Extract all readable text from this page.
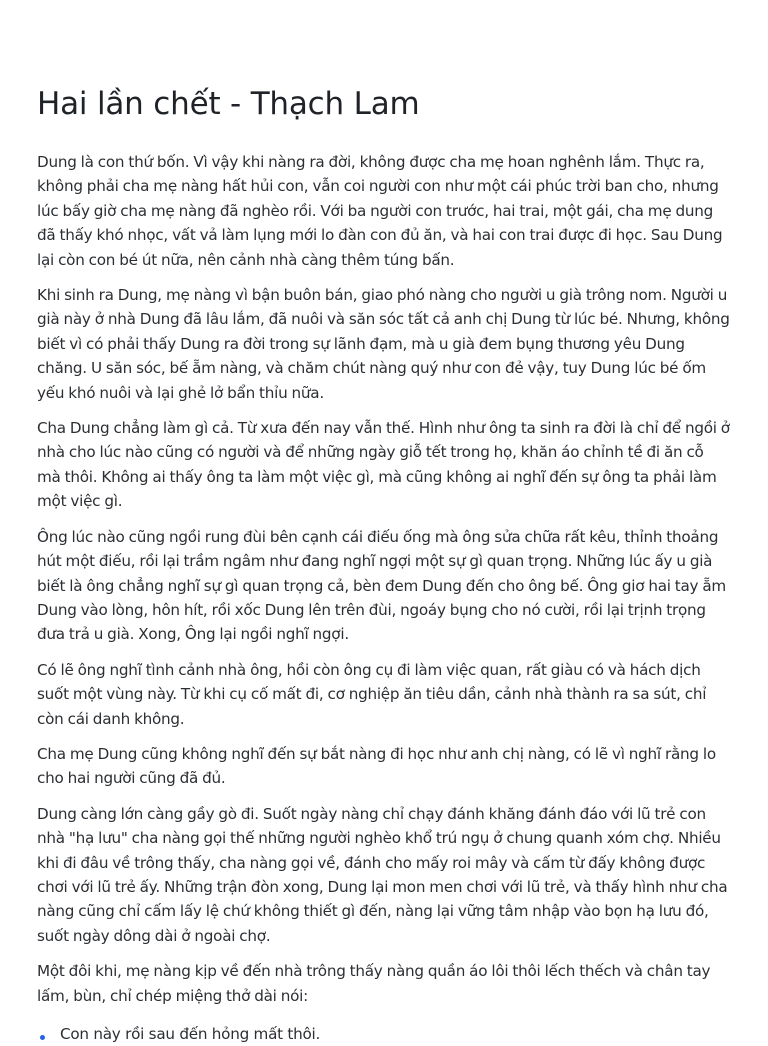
Hai lần chết - Thạch Lam

Dung là con thứ bốn. Vì vậy khi nàng ra đời, không được cha mẹ hoan nghênh lắm. Thực ra, không phải cha mẹ nàng hất hủi con, vẫn coi người con như một cái phúc trời ban cho, nhưng lúc bấy giờ cha mẹ nàng đã nghèo rồi. Với ba người con trước, hai trai, một gái, cha mẹ dung đã thấy khó nhọc, vất vả làm lụng mới lo đàn con đủ ăn, và hai con trai được đi học. Sau Dung lại còn con bé út nữa, nên cảnh nhà càng thêm túng bấn.

Khi sinh ra Dung, mẹ nàng vì bận buôn bán, giao phó nàng cho người u già trông nom. Người u già này ở nhà Dung đã lâu lắm, đã nuôi và săn sóc tất cả anh chị Dung từ lúc bé. Nhưng, không biết vì có phải thấy Dung ra đời trong sự lãnh đạm, mà u già đem bụng thương yêu Dung chăng. U săn sóc, bế ẵm nàng, và chăm chút nàng quý như con đẻ vậy, tuy Dung lúc bé ốm yếu khó nuôi và lại ghẻ lở bẩn thỉu nữa.

Cha Dung chẳng làm gì cả. Từ xưa đến nay vẫn thế. Hình như ông ta sinh ra đời là chỉ để ngồi ở nhà cho lúc nào cũng có người và để những ngày giỗ tết trong họ, khăn áo chỉnh tề đi ăn cỗ mà thôi. Không ai thấy ông ta làm một việc gì, mà cũng không ai nghĩ đến sự ông ta phải làm một việc gì.

Ông lúc nào cũng ngồi rung đùi bên cạnh cái điếu ống mà ông sửa chữa rất kêu, thỉnh thoảng hút một điếu, rồi lại trầm ngâm như đang nghĩ ngợi một sự gì quan trọng. Những lúc ấy u già biết là ông chẳng nghĩ sự gì quan trọng cả, bèn đem Dung đến cho ông bế. Ông giơ hai tay ẵm Dung vào lòng, hôn hít, rồi xốc Dung lên trên đùi, ngoáy bụng cho nó cười, rồi lại trịnh trọng đưa trả u già. Xong, Ông lại ngồi nghĩ ngợi.

Có lẽ ông nghĩ tình cảnh nhà ông, hồi còn ông cụ đi làm việc quan, rất giàu có và hách dịch suốt một vùng này. Từ khi cụ cố mất đi, cơ nghiệp ăn tiêu dần, cảnh nhà thành ra sa sút, chỉ còn cái danh không.

Cha mẹ Dung cũng không nghĩ đến sự bắt nàng đi học như anh chị nàng, có lẽ vì nghĩ rằng lo cho hai người cũng đã đủ.

Dung càng lớn càng gầy gò đi. Suốt ngày nàng chỉ chạy đánh khăng đánh đáo với lũ trẻ con nhà "hạ lưu" cha nàng gọi thế những người nghèo khổ trú ngụ ở chung quanh xóm chợ. Nhiều khi đi đâu về trông thấy, cha nàng gọi về, đánh cho mấy roi mây và cấm từ đấy không được chơi với lũ trẻ ấy. Những trận đòn xong, Dung lại mon men chơi với lũ trẻ, và thấy hình như cha nàng cũng chỉ cấm lấy lệ chứ không thiết gì đến, nàng lại vững tâm nhập vào bọn hạ lưu đó, suốt ngày dông dài ở ngoài chợ.

Một đôi khi, mẹ nàng kịp về đến nhà trông thấy nàng quần áo lôi thôi lếch thếch và chân tay lấm, bùn, chỉ chép miệng thở dài nói:

Con này rồi sau đến hỏng mất thôi.
